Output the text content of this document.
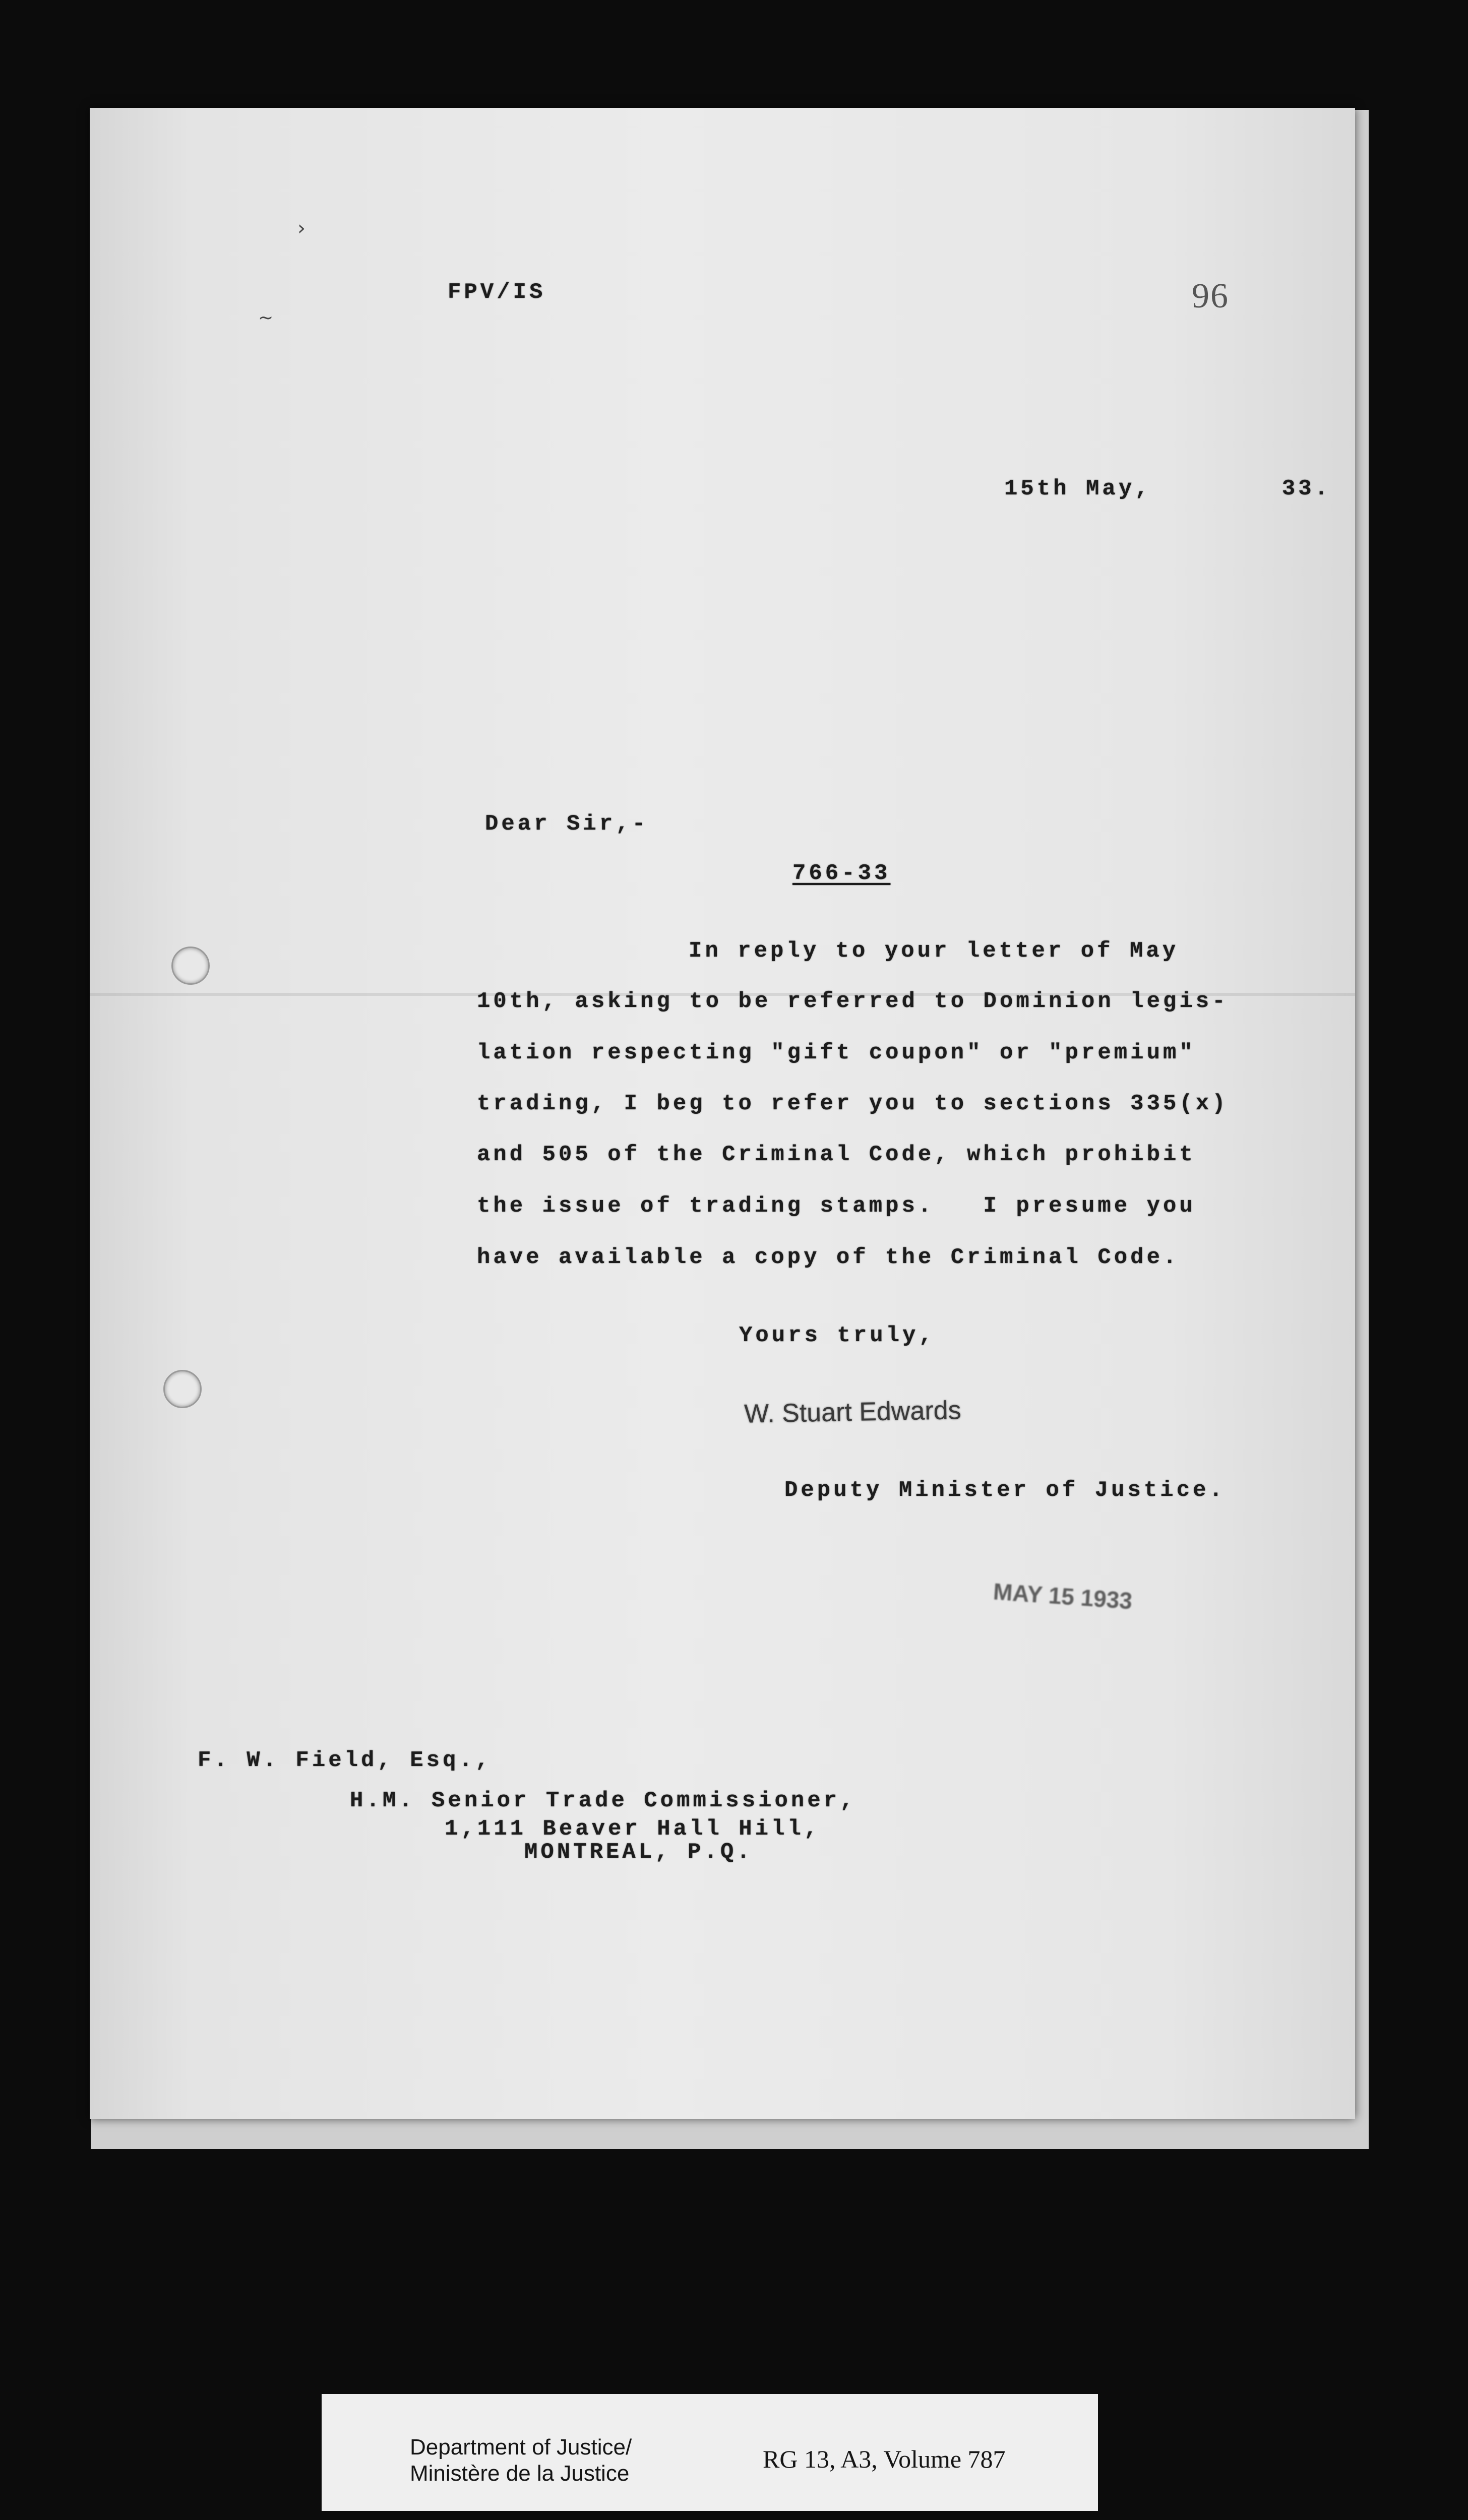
›
~
FPV/IS	96
15th May,        33.
Dear Sir,-
766-33
In reply to your letter of May
10th, asking to be referred to Dominion legis-
lation respecting "gift coupon" or "premium"
trading, I beg to refer you to sections 335(x)
and 505 of the Criminal Code, which prohibit
the issue of trading stamps.   I presume you
have available a copy of the Criminal Code.
Yours truly,
W. Stuart Edwards
Deputy Minister of Justice.
MAY 15 1933
F. W. Field, Esq.,
H.M. Senior Trade Commissioner,
1,111 Beaver Hall Hill,
MONTREAL, P.Q.
Department of Justice/
Ministère de la Justice
RG 13, A3, Volume 787
